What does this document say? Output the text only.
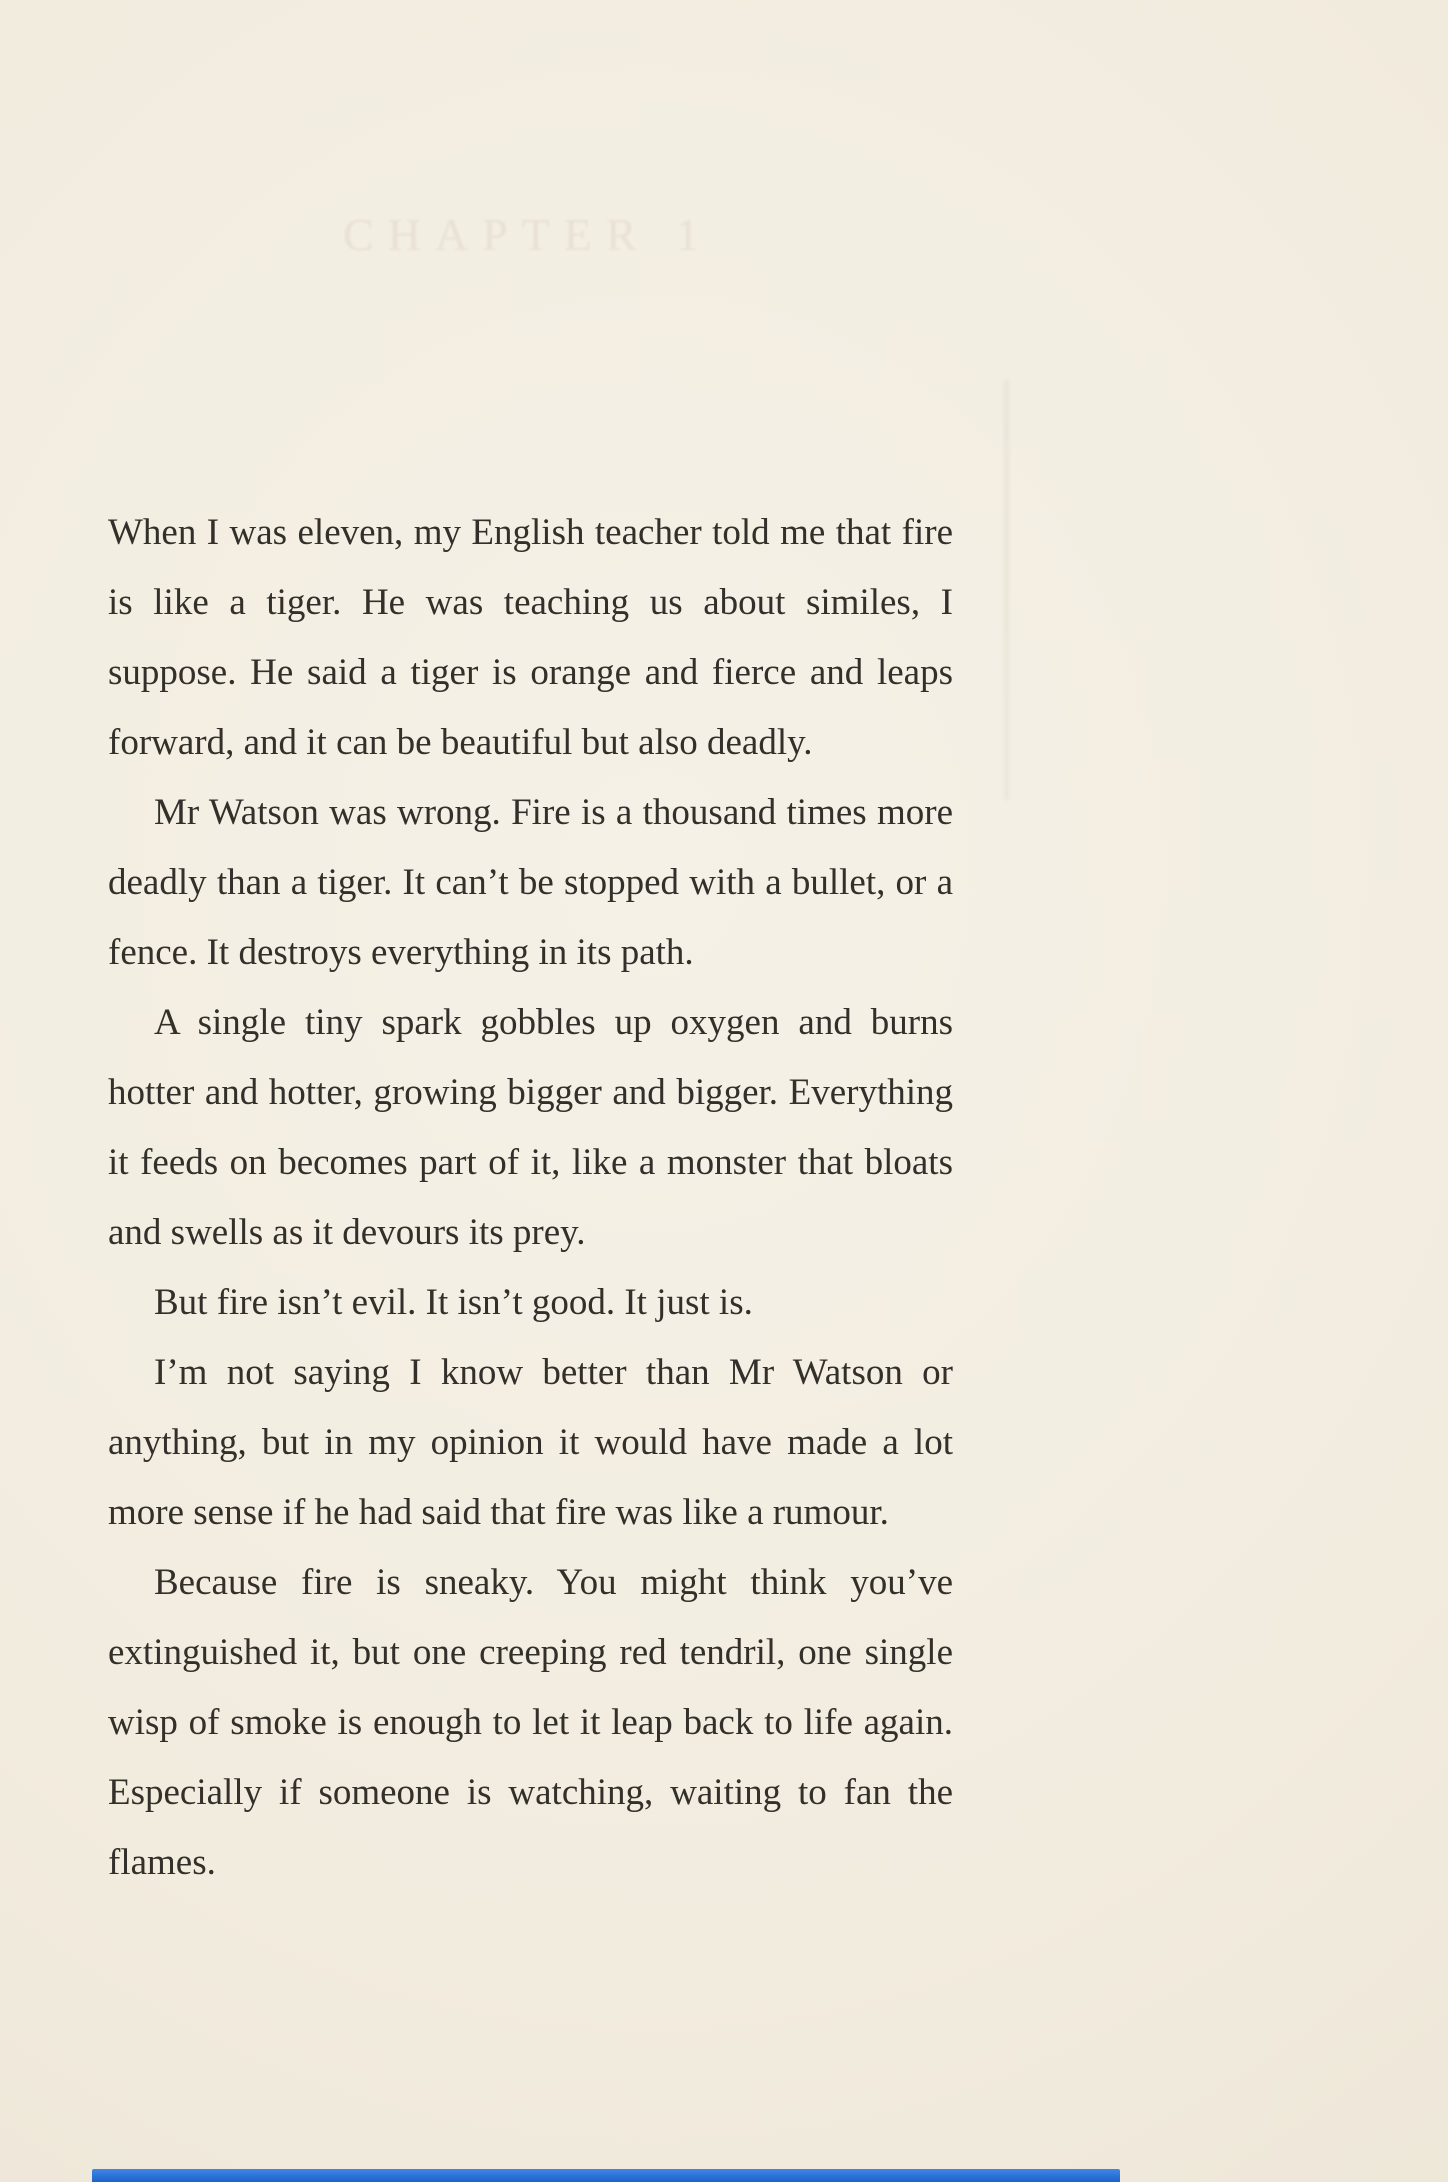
CHAPTER 1

When I was eleven, my English teacher told me that fire is like a tiger. He was teaching us about similes, I suppose. He said a tiger is orange and fierce and leaps forward, and it can be beautiful but also deadly.

Mr Watson was wrong. Fire is a thousand times more deadly than a tiger. It can’t be stopped with a bullet, or a fence. It destroys everything in its path.

A single tiny spark gobbles up oxygen and burns hotter and hotter, growing bigger and bigger. Everything it feeds on becomes part of it, like a monster that bloats and swells as it devours its prey.

But fire isn’t evil. It isn’t good. It just is.

I’m not saying I know better than Mr Watson or anything, but in my opinion it would have made a lot more sense if he had said that fire was like a rumour.

Because fire is sneaky. You might think you’ve extinguished it, but one creeping red tendril, one single wisp of smoke is enough to let it leap back to life again. Especially if someone is watching, waiting to fan the flames.
